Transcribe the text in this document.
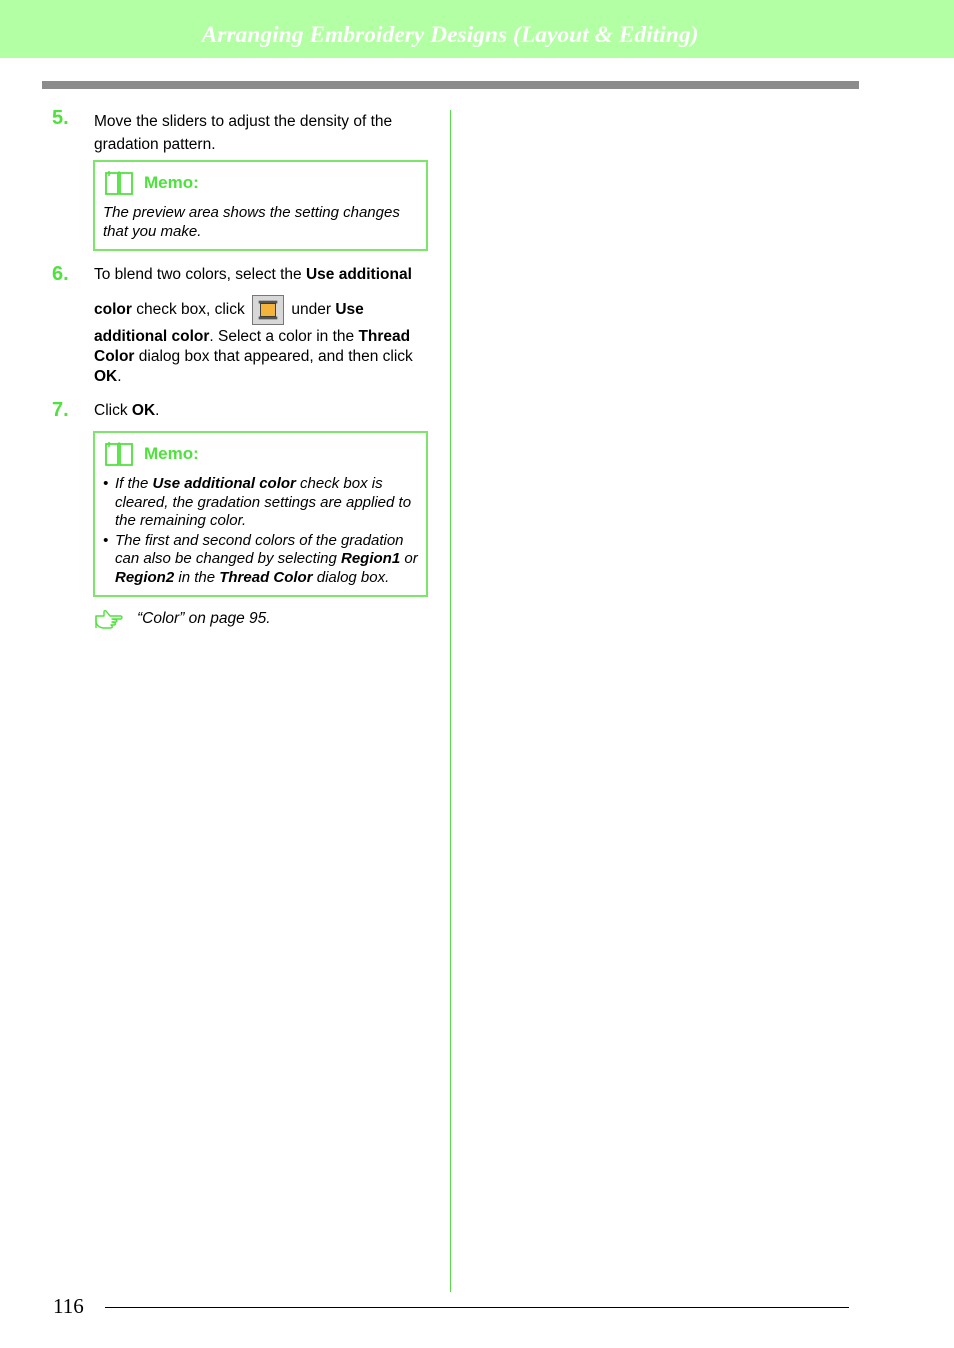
Arranging Embroidery Designs (Layout & Editing)
5. Move the sliders to adjust the density of the gradation pattern.
Memo:
The preview area shows the setting changes that you make.
6. To blend two colors, select the Use additional
color check box, click
under Use
additional color. Select a color in the Thread Color dialog box that appeared, and then click OK.
7. Click OK.
Memo:
• If the Use additional color check box is cleared, the gradation settings are applied to the remaining color.
• The first and second colors of the gradation can also be changed by selecting Region1 or Region2 in the Thread Color dialog box.
“Color” on page 95.
116
